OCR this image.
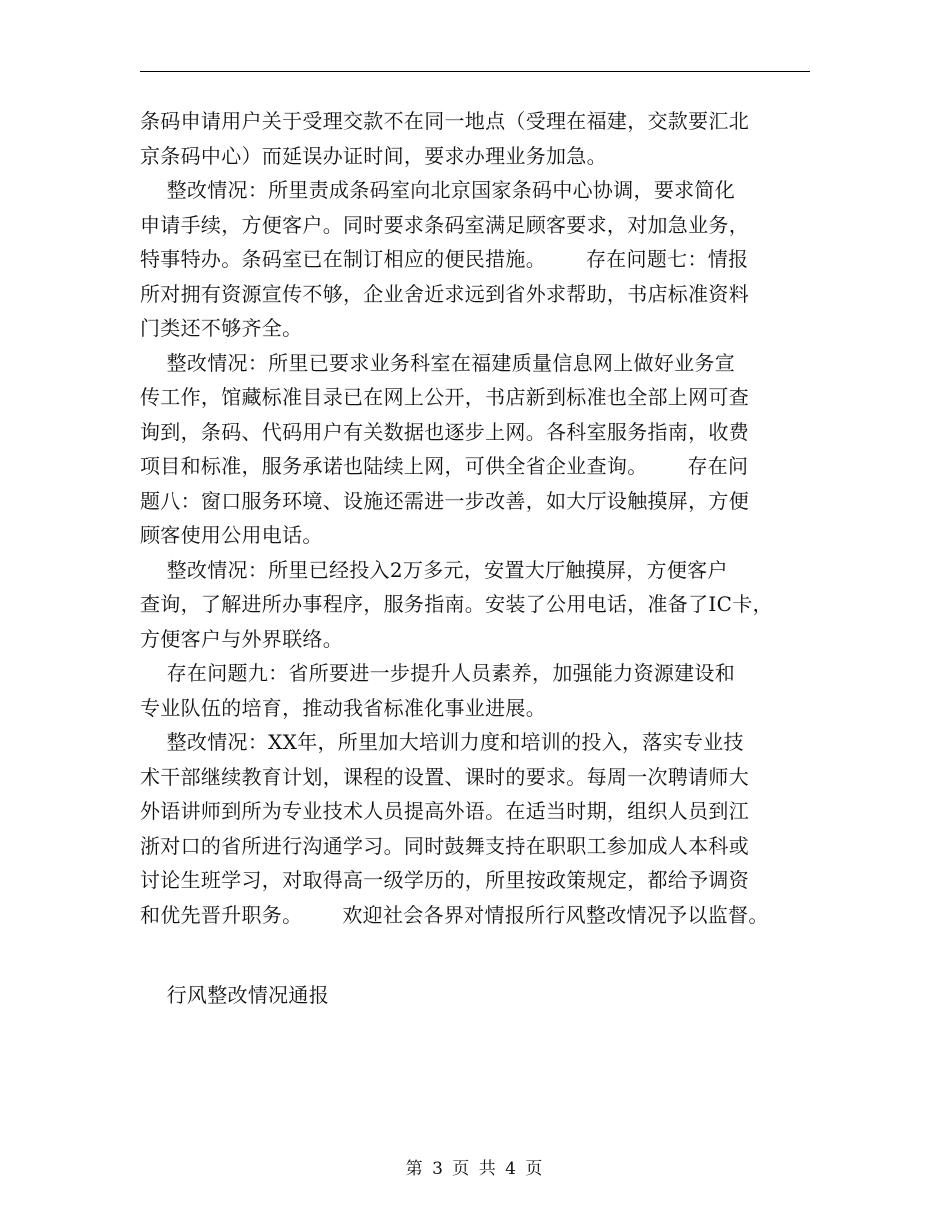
条码申请用户关于受理交款不在同一地点（受理在福建，交款要汇北
京条码中心）而延误办证时间，要求办理业务加急。
整改情况：所里责成条码室向北京国家条码中心协调，要求简化
申请手续，方便客户。同时要求条码室满足顾客要求，对加急业务，
特事特办。条码室已在制订相应的便民措施。      存在问题七：情报
所对拥有资源宣传不够，企业舍近求远到省外求帮助，书店标准资料
门类还不够齐全。
整改情况：所里已要求业务科室在福建质量信息网上做好业务宣
传工作，馆藏标准目录已在网上公开，书店新到标准也全部上网可查
询到，条码、代码用户有关数据也逐步上网。各科室服务指南，收费
项目和标准，服务承诺也陆续上网，可供全省企业查询。      存在问
题八：窗口服务环境、设施还需进一步改善，如大厅设触摸屏，方便
顾客使用公用电话。
整改情况：所里已经投入2万多元，安置大厅触摸屏，方便客户
查询，了解进所办事程序，服务指南。安装了公用电话，准备了IC卡，
方便客户与外界联络。
存在问题九：省所要进一步提升人员素养，加强能力资源建设和
专业队伍的培育，推动我省标准化事业进展。
整改情况：XX年，所里加大培训力度和培训的投入，落实专业技
术干部继续教育计划，课程的设置、课时的要求。每周一次聘请师大
外语讲师到所为专业技术人员提高外语。在适当时期，组织人员到江
浙对口的省所进行沟通学习。同时鼓舞支持在职职工参加成人本科或
讨论生班学习，对取得高一级学历的，所里按政策规定，都给予调资
和优先晋升职务。      欢迎社会各界对情报所行风整改情况予以监督。
行风整改情况通报
第 3 页 共 4 页
